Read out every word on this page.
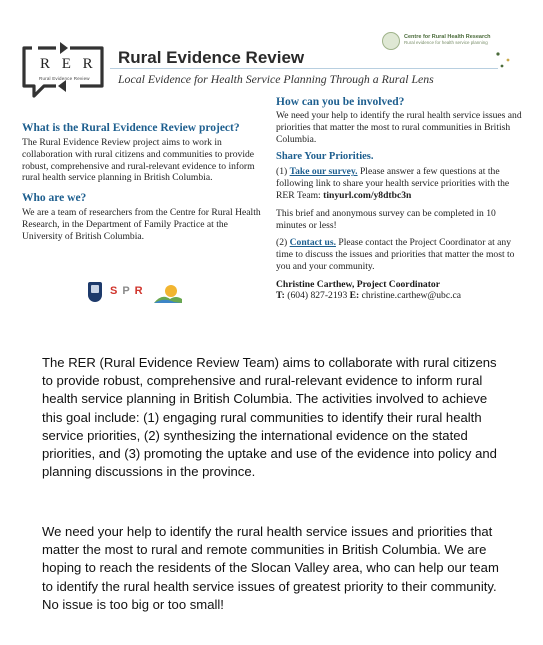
R E R
Rural Evidence Review
Rural Evidence Review
Local Evidence for Health Service Planning Through a Rural Lens
Centre for Rural Health Research
Rural evidence for health service planning
What is the Rural Evidence Review project?
The Rural Evidence Review project aims to work in collaboration with rural citizens and communities to provide robust, comprehensive and rural-relevant evidence to inform rural health service planning in British Columbia.
Who are we?
We are a team of researchers from the Centre for Rural Health Research, in the Department of Family Practice at the University of British Columbia.
How can you be involved?
We need your help to identify the rural health service issues and priorities that matter the most to rural communities in British Columbia.
Share Your Priorities.
(1) Take our survey. Please answer a few questions at the following link to share your health service priorities with the RER Team: tinyurl.com/y8dtbc3n
This brief and anonymous survey can be completed in 10 minutes or less!
(2) Contact us. Please contact the Project Coordinator at any time to discuss the issues and priorities that matter the most to you and your community.
Christine Carthew, Project Coordinator
T: (604) 827-2193 E: christine.carthew@ubc.ca
S P R
The RER (Rural Evidence Review Team) aims to collaborate with rural citizens to provide robust, comprehensive and rural-relevant evidence to inform rural health service planning in British Columbia. The activities involved to achieve this goal include: (1) engaging rural communities to identify their rural health service priorities, (2) synthesizing the international evidence on the stated priorities, and (3) promoting the uptake and use of the evidence into policy and planning discussions in the province.
We need your help to identify the rural health service issues and priorities that matter the most to rural and remote communities in British Columbia. We are hoping to reach the residents of the Slocan Valley area, who can help our team to identify the rural health service issues of greatest priority to their community. No issue is too big or too small!
